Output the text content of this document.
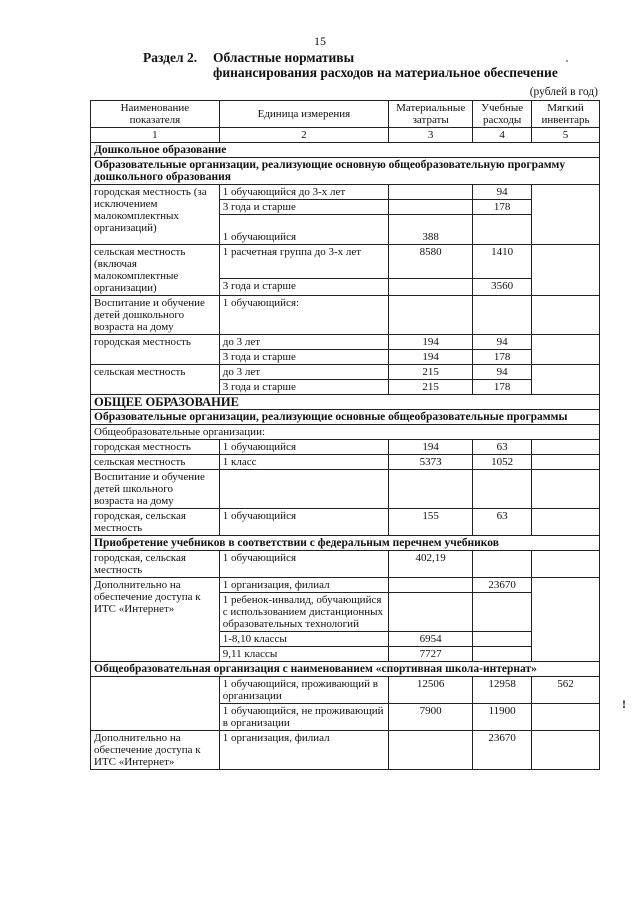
15
Раздел 2. Областные нормативы
финансирования расходов на материальное обеспечение
(рублей в год)
Наименование показателя	Единица измерения	Материальные затраты	Учебные расходы	Мягкий инвентарь
1	2	3	4	5
Дошкольное образование				
Образовательные организации, реализующие основную общеобразовательную программу дошкольного образования				
городская местность (за исключением малокомплектных организаций)	1 обучающийся до 3-х лет		94	
	3 года и старше		178	
	1 обучающийся	388		
сельская местность (включая малокомплектные организации)	1 расчетная группа до 3-х лет	8580	1410	
	3 года и старше		3560	
Воспитание и обучение детей дошкольного возраста на дому	1 обучающийся:			
городская местность	до 3 лет	194	94	
	3 года и старше	194	178	
сельская местность	до 3 лет	215	94	
	3 года и старше	215	178	
ОБЩЕЕ ОБРАЗОВАНИЕ				
Образовательные организации, реализующие основные общеобразовательные программы				
Общеобразовательные организации:				
городская местность	1 обучающийся	194	63	
сельская местность	1 класс	5373	1052	
Воспитание и обучение детей школьного возраста на дому				
городская, сельская местность	1 обучающийся	155	63	
Приобретение учебников в соответствии с федеральным перечнем учебников				
городская, сельская местность	1 обучающийся	402,19		
Дополнительно на обеспечение доступа к ИТС «Интернет»	1 организация, филиал		23670	
	1 ребенок-инвалид, обучающийся с использованием дистанционных образовательных технологий			
	1-8,10 классы	6954		
	9,11 классы	7727		
Общеобразовательная организация с наименованием «спортивная школа-интернат»				
	1 обучающийся, проживающий в организации	12506	12958	562
	1 обучающийся, не проживающий в организации	7900	11900	
Дополнительно на обеспечение доступа к ИТС «Интернет»	1 организация, филиал		23670	
!
